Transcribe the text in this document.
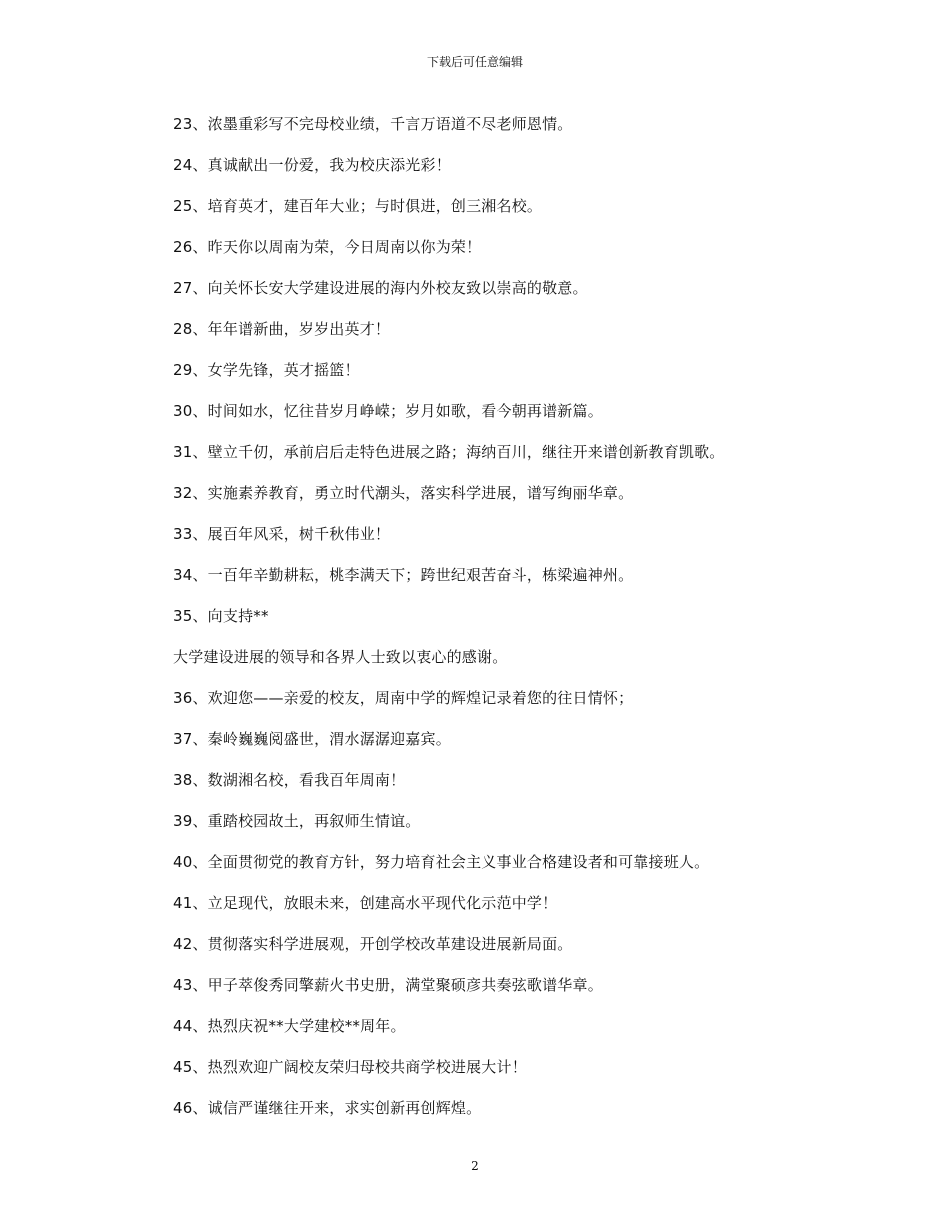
下载后可任意编辑
23、浓墨重彩写不完母校业绩，千言万语道不尽老师恩情。
24、真诚献出一份爱，我为校庆添光彩！
25、培育英才，建百年大业；与时俱进，创三湘名校。
26、昨天你以周南为荣，今日周南以你为荣！
27、向关怀长安大学建设进展的海内外校友致以崇高的敬意。
28、年年谱新曲，岁岁出英才！
29、女学先锋，英才摇篮！
30、时间如水，忆往昔岁月峥嵘；岁月如歌，看今朝再谱新篇。
31、壁立千仞，承前启后走特色进展之路；海纳百川，继往开来谱创新教育凯歌。
32、实施素养教育，勇立时代潮头，落实科学进展，谱写绚丽华章。
33、展百年风采，树千秋伟业！
34、一百年辛勤耕耘，桃李满天下；跨世纪艰苦奋斗，栋梁遍神州。
35、向支持**
大学建设进展的领导和各界人士致以衷心的感谢。
36、欢迎您——亲爱的校友，周南中学的辉煌记录着您的往日情怀；
37、秦岭巍巍阅盛世，渭水潺潺迎嘉宾。
38、数湖湘名校，看我百年周南！
39、重踏校园故土，再叙师生情谊。
40、全面贯彻党的教育方针，努力培育社会主义事业合格建设者和可靠接班人。
41、立足现代，放眼未来，创建高水平现代化示范中学！
42、贯彻落实科学进展观，开创学校改革建设进展新局面。
43、甲子萃俊秀同擎薪火书史册，满堂聚硕彦共奏弦歌谱华章。
44、热烈庆祝**大学建校**周年。
45、热烈欢迎广阔校友荣归母校共商学校进展大计！
46、诚信严谨继往开来，求实创新再创辉煌。
2
